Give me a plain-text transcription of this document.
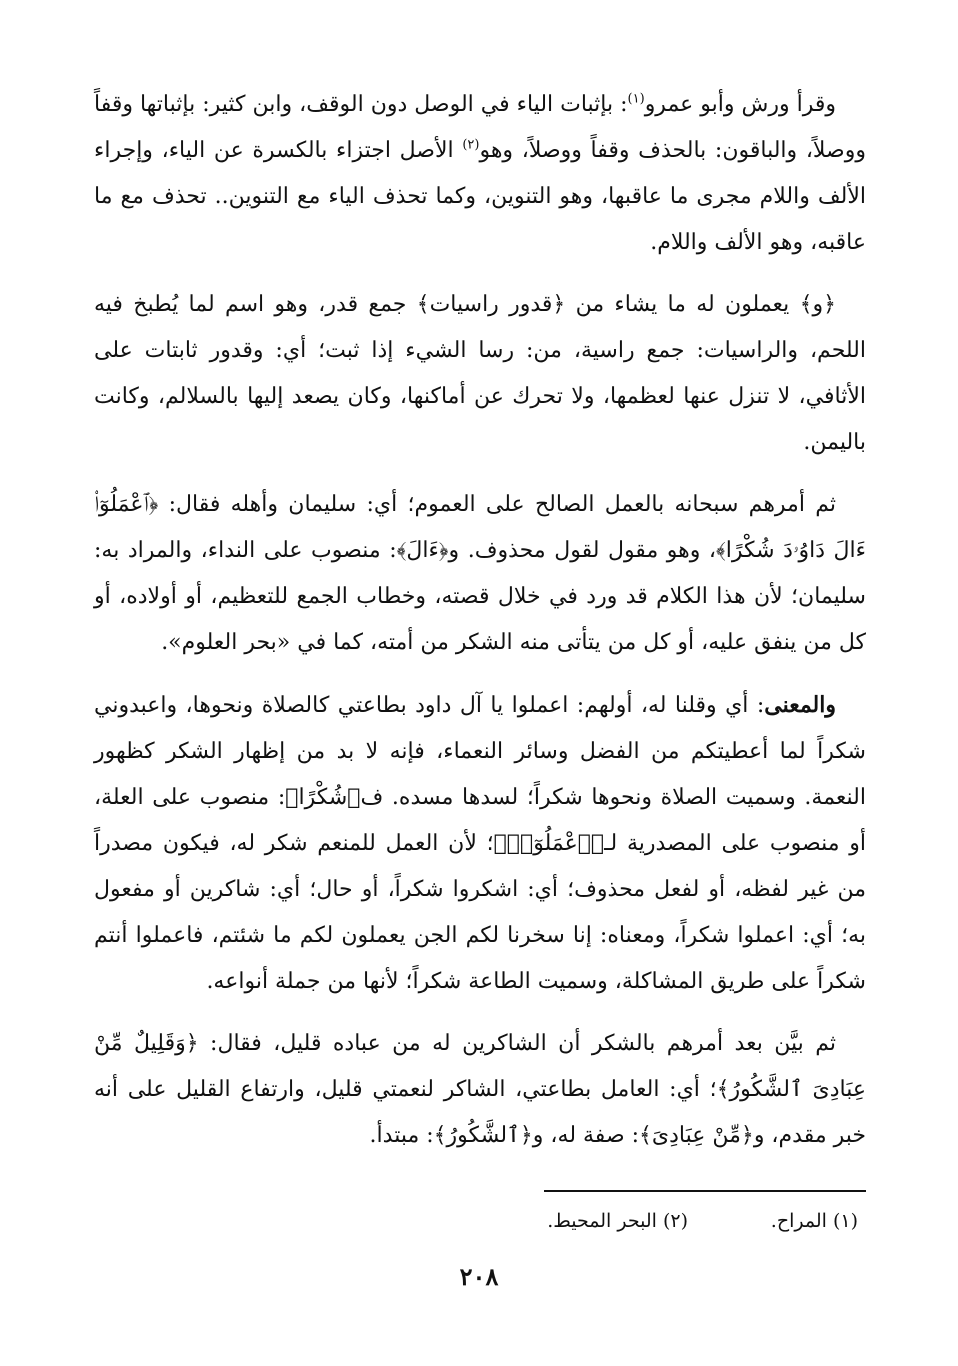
وقرأ ورش وأبو عمرو$^{(١)}$: بإثبات الياء في الوصل دون الوقف، وابن كثير: بإثباتها وقفاً ووصلاً، والباقون: بالحذف وقفاً ووصلاً، وهو$^{(٢)}$ الأصل اجتزاء بالكسرة عن الياء، وإجراء الألف واللام مجرى ما عاقبها، وهو التنوين، وكما تحذف الياء مع التنوين.. تحذف مع ما عاقبه، وهو الألف واللام.

﴿و﴾ يعملون له ما يشاء من ﴿قدور راسيات﴾ جمع قدر، وهو اسم لما يُطبخ فيه اللحم، والراسيات: جمع راسية، من: رسا الشيء إذا ثبت؛ أي: وقدور ثابتات على الأثافي، لا تنزل عنها لعظمها، ولا تحرك عن أماكنها، وكان يصعد إليها بالسلالم، وكانت باليمن.

ثم أمرهم سبحانه بالعمل الصالح على العموم؛ أي: سليمان وأهله فقال: ﴿ٱعْمَلُوٓا۟ ءَالَ دَاوُۥدَ شُكْرًا﴾، وهو مقول لقول محذوف. و﴿ءَالَ﴾: منصوب على النداء، والمراد به: سليمان؛ لأن هذا الكلام قد ورد في خلال قصته، وخطاب الجمع للتعظيم، أو أولاده، أو كل من ينفق عليه، أو كل من يتأتى منه الشكر من أمته، كما في «بحر العلوم».

والمعنى: أي وقلنا له، أولهم: اعملوا يا آل داود بطاعتي كالصلاة ونحوها، واعبدوني شكراً لما أعطيتكم من الفضل وسائر النعماء، فإنه لا بد من إظهار الشكر كظهور النعمة. وسميت الصلاة ونحوها شكراً؛ لسدها مسده. ف﴿شُكْرًا﴾: منصوب على العلة، أو منصوب على المصدرية لـ﴿ٱعْمَلُوٓا۟﴾؛ لأن العمل للمنعم شكر له، فيكون مصدراً من غير لفظه، أو لفعل محذوف؛ أي: اشكروا شكراً، أو حال؛ أي: شاكرين أو مفعول به؛ أي: اعملوا شكراً، ومعناه: إنا سخرنا لكم الجن يعملون لكم ما شئتم، فاعملوا أنتم شكراً على طريق المشاكلة، وسميت الطاعة شكراً؛ لأنها من جملة أنواعه.

ثم بيَّن بعد أمرهم بالشكر أن الشاكرين له من عباده قليل، فقال: ﴿وَقَلِيلٌ مِّنْ عِبَادِىَ ٱلشَّكُورُ﴾؛ أي: العامل بطاعتي، الشاكر لنعمتي قليل، وارتفاع القليل على أنه خبر مقدم، و﴿مِّنْ عِبَادِىَ﴾: صفة له، و﴿ٱلشَّكُورُ﴾: مبتدأ.

(١) المراح.
(٢) البحر المحيط.
٢٠٨
